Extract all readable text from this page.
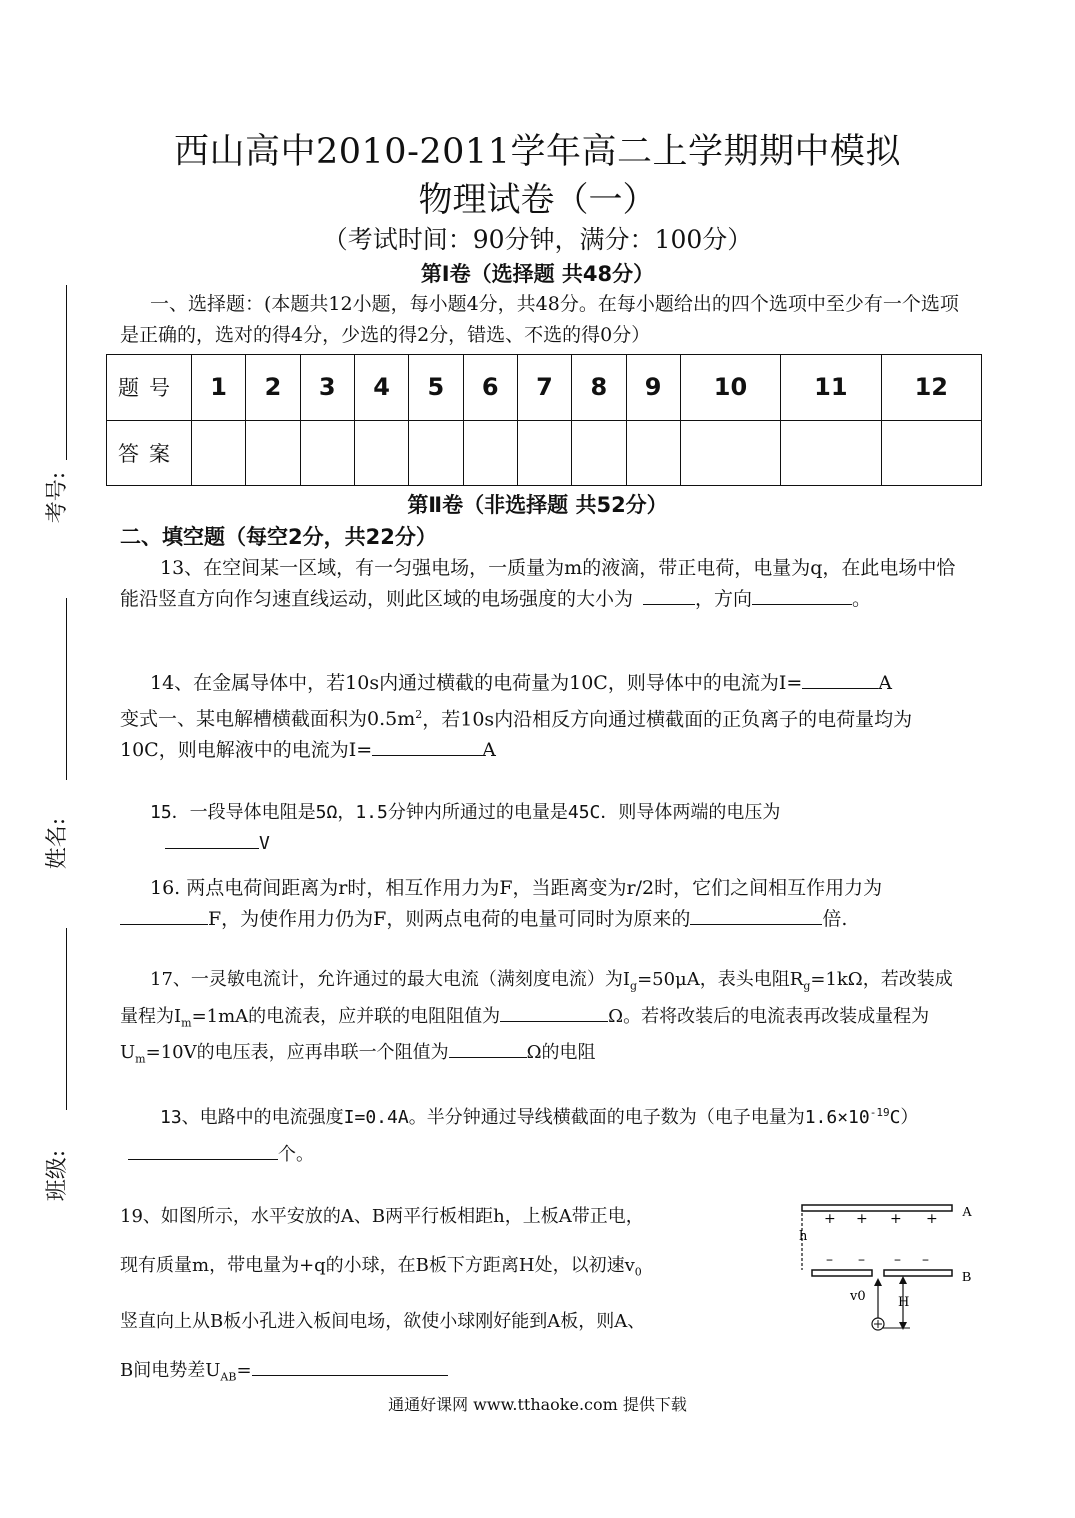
考号:
姓名:
班级:
西山高中2010-2011学年高二上学期期中模拟
物理试卷（一）
（考试时间：90分钟，满分：100分）
第Ⅰ卷（选择题 共48分）
一、选择题：(本题共12小题，每小题4分，共48分。在每小题给出的四个选项中至少有一个选项是正确的，选对的得4分，少选的得2分，错选、不选的得0分）
题号	1	2	3	4	5	6	7	8	9	10	11	12
答案												
第Ⅱ卷（非选择题 共52分）
二、填空题（每空2分，共22分）
13、在空间某一区域，有一匀强电场，一质量为m的液滴，带正电荷，电量为q，在此电场中恰能沿竖直方向作匀速直线运动，则此区域的电场强度的大小为	，方向	。
14、在金属导体中，若10s内通过横截的电荷量为10C，则导体中的电流为I=	A
变式一、某电解槽横截面积为$0.5m^2$，若10s内沿相反方向通过横截面的正负离子的电荷量均为10C，则电解液中的电流为I=	A
15．一段导体电阻是5Ω，1.5分钟内所通过的电量是45C．则导体两端的电压为
V
16. 两点电荷间距离为r时，相互作用力为F，当距离变为r/2时，它们之间相互作用力为F，为使作用力仍为F，则两点电荷的电量可同时为原来的	倍.
17、一灵敏电流计，允许通过的最大电流（满刻度电流）为$I_g=50\mu A$，表头电阻$R_g=1k\Omega$，若改装成量程为$I_m=1mA$的电流表，应并联的电阻阻值为	Ω。若将改装后的电流表再改装成量程为$U_m=10V$的电压表，应再串联一个阻值为	Ω的电阻
13、电路中的电流强度I=0.4A。半分钟通过导线横截面的电子数为（电子电量为$1.6\times 10^{-19}C$）个。
19、如图所示，水平安放的A、B两平行板相距h，上板A带正电，
现有质量m，带电量为+q的小球，在B板下方距离H处，以初速$v_0$
竖直向上从B板小孔进入板间电场，欲使小球刚好能到A板，则A、
B间电势差$U_{AB}=$
A
+ + + +
h
– – – –
B
v0 H
通通好课网 www.tthaoke.com 提供下载
